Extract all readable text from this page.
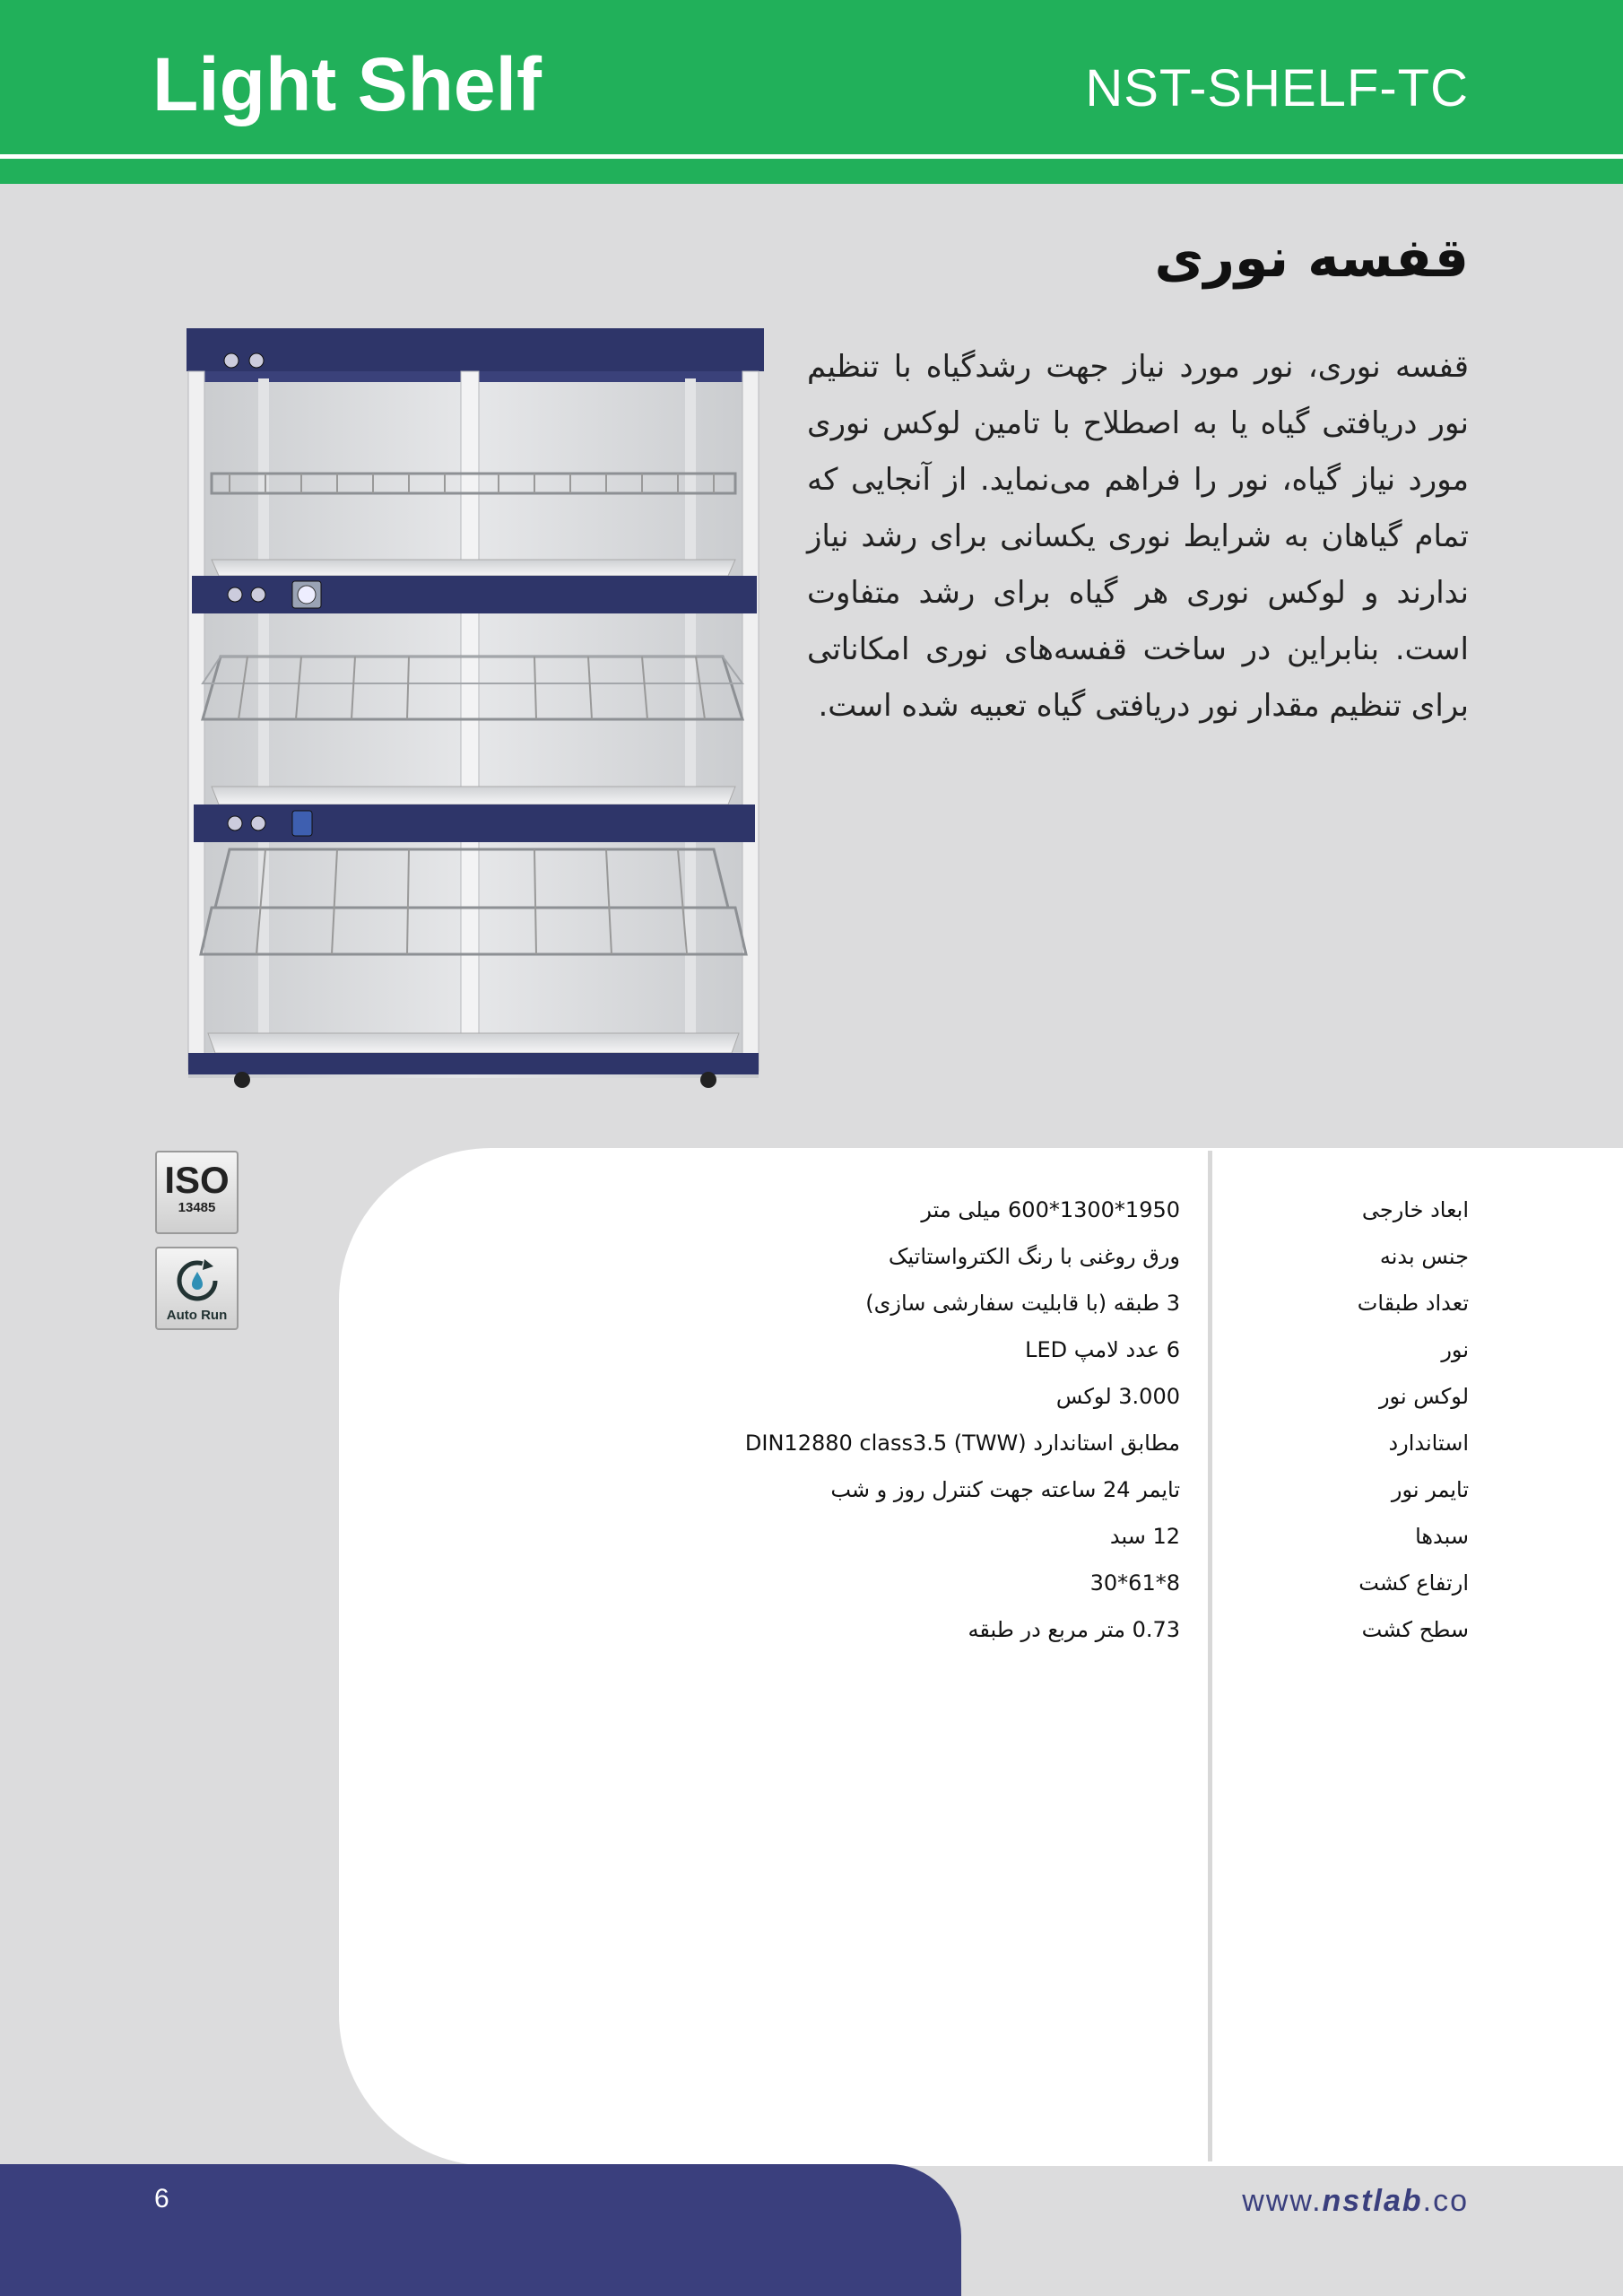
Light Shelf	NST-SHELF-TC
قفسه نوری
قفسه نوری، نور مورد نیاز جهت رشدگیاه با تنظیم نور دریافتی گیاه یا به اصطلاح با تامین لوکس نوری مورد نیاز گیاه، نور را فراهم می‌نماید. از آنجایی که تمام گیاهان به شرایط نوری یکسانی برای رشد نیاز ندارند و لوکس نوری هر گیاه برای رشد متفاوت است. بنابراین در ساخت قفسه‌های نوری امکاناتی برای تنظیم مقدار نور دریافتی گیاه تعبیه شده است.
ISO
13485
Auto Run
ابعاد خارجی
جنس بدنه
تعداد طبقات
نور
لوکس نور
استاندارد
تایمر نور
سبدها
ارتفاع کشت
سطح کشت
1950*1300*600 میلی متر
ورق روغنی با رنگ الکترواستاتیک
3 طبقه (با قابلیت سفارشی سازی)
6 عدد لامپ LED
3.000 لوکس
مطابق استاندارد DIN12880 class3.5 (TWW)
تایمر 24 ساعته جهت کنترل روز و شب
12 سبد
8*61*30
0.73 متر مربع در طبقه
6	www.nstlab.co
